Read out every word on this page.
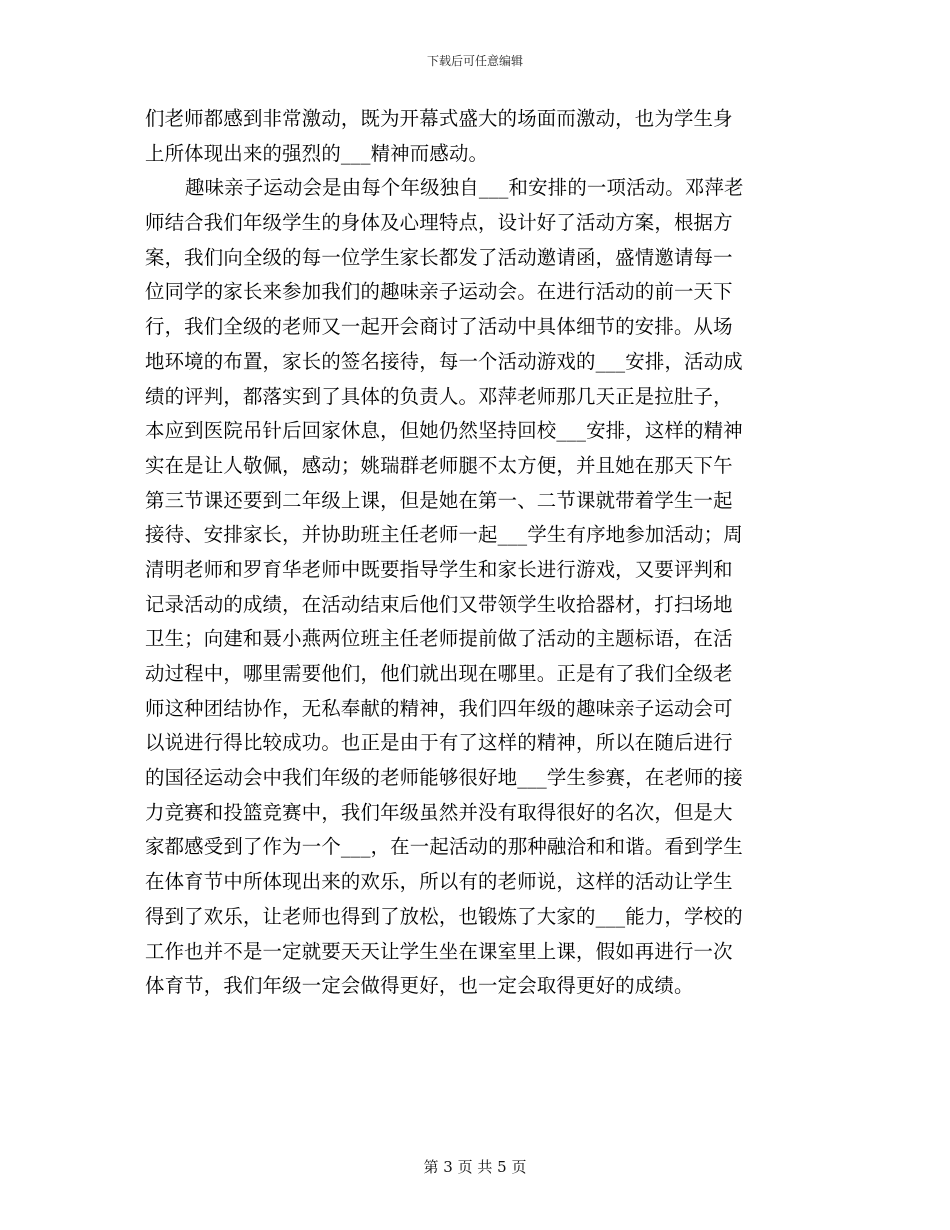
下载后可任意编辑
们老师都感到非常激动，既为开幕式盛大的场面而激动，也为学生身
上所体现出来的强烈的___精神而感动。
趣味亲子运动会是由每个年级独自___和安排的一项活动。邓萍老
师结合我们年级学生的身体及心理特点，设计好了活动方案，根据方
案，我们向全级的每一位学生家长都发了活动邀请函，盛情邀请每一
位同学的家长来参加我们的趣味亲子运动会。在进行活动的前一天下
行，我们全级的老师又一起开会商讨了活动中具体细节的安排。从场
地环境的布置，家长的签名接待，每一个活动游戏的___安排，活动成
绩的评判，都落实到了具体的负责人。邓萍老师那几天正是拉肚子，
本应到医院吊针后回家休息，但她仍然坚持回校___安排，这样的精神
实在是让人敬佩，感动；姚瑞群老师腿不太方便，并且她在那天下午
第三节课还要到二年级上课，但是她在第一、二节课就带着学生一起
接待、安排家长，并协助班主任老师一起___学生有序地参加活动；周
清明老师和罗育华老师中既要指导学生和家长进行游戏，又要评判和
记录活动的成绩，在活动结束后他们又带领学生收拾器材，打扫场地
卫生；向建和聂小燕两位班主任老师提前做了活动的主题标语，在活
动过程中，哪里需要他们，他们就出现在哪里。正是有了我们全级老
师这种团结协作，无私奉献的精神，我们四年级的趣味亲子运动会可
以说进行得比较成功。也正是由于有了这样的精神，所以在随后进行
的国径运动会中我们年级的老师能够很好地___学生参赛，在老师的接
力竞赛和投篮竞赛中，我们年级虽然并没有取得很好的名次，但是大
家都感受到了作为一个___，在一起活动的那种融洽和和谐。看到学生
在体育节中所体现出来的欢乐，所以有的老师说，这样的活动让学生
得到了欢乐，让老师也得到了放松，也锻炼了大家的___能力，学校的
工作也并不是一定就要天天让学生坐在课室里上课，假如再进行一次
体育节，我们年级一定会做得更好，也一定会取得更好的成绩。
第 3 页 共 5 页
